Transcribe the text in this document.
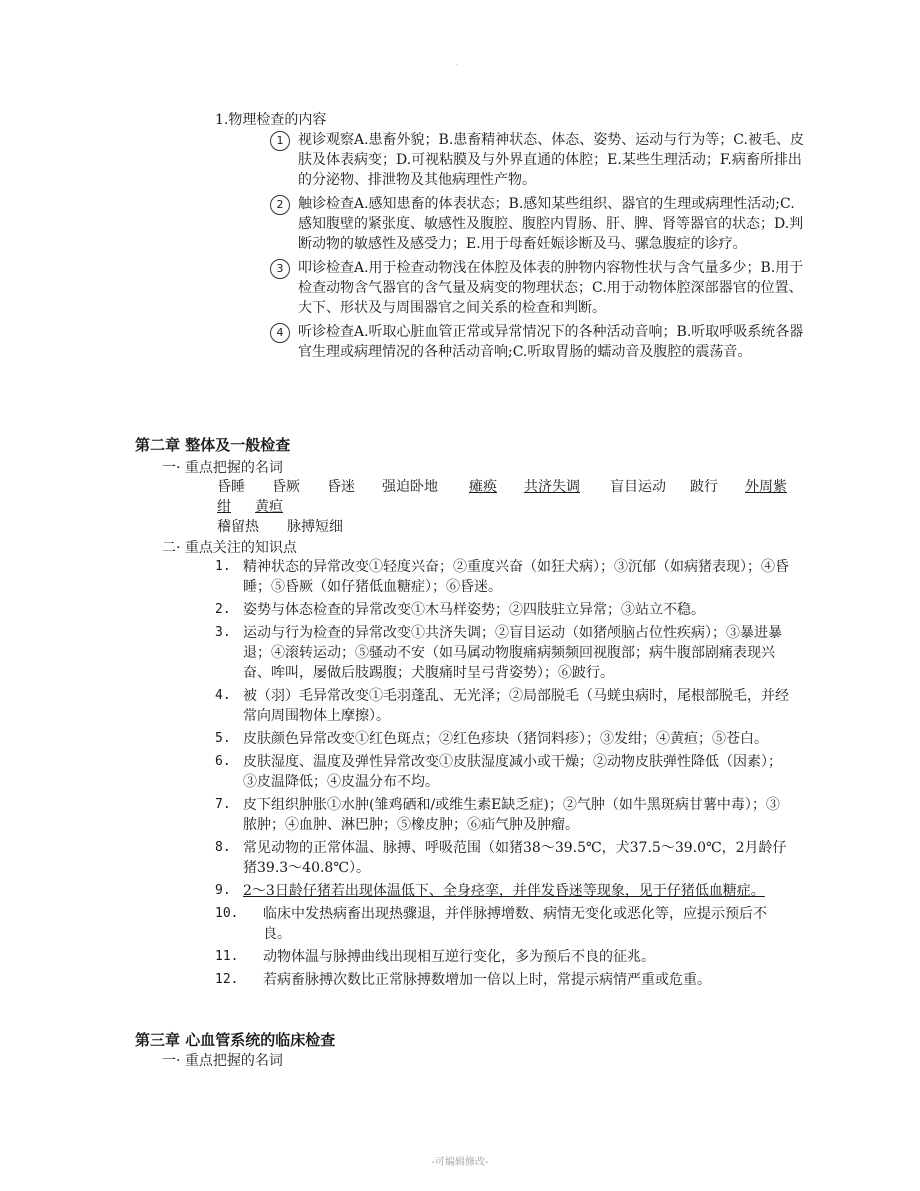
.
1.物理检查的内容
1	视诊观察A.患畜外貌；B.患畜精神状态、体态、姿势、运动与行为等；C.被毛、皮肤及体表病变；D.可视粘膜及与外界直通的体腔；E.某些生理活动；F.病畜所排出的分泌物、排泄物及其他病理性产物。
2	触诊检查A.感知患畜的体表状态；B.感知某些组织、器官的生理或病理性活动;C.感知腹壁的紧张度、敏感性及腹腔、腹腔内胃肠、肝、脾、肾等器官的状态；D.判断动物的敏感性及感受力；E.用于母畜妊娠诊断及马、骡急腹症的诊疗。
3	叩诊检查A.用于检查动物浅在体腔及体表的肿物内容物性状与含气量多少；B.用于检查动物含气器官的含气量及病变的物理状态；C.用于动物体腔深部器官的位置、大下、形状及与周围器官之间关系的检查和判断。
4	听诊检查A.听取心脏血管正常或异常情况下的各种活动音响；B.听取呼吸系统各器官生理或病理情况的各种活动音响;C.听取胃肠的蠕动音及腹腔的震荡音。
第二章 整体及一般检查
一· 重点把握的名词
昏睡 昏厥 昏迷 强迫卧地 瘫痪 共济失调 盲目运动 跛行 外周紫
绀 黄疸
稽留热 脉搏短细
二· 重点关注的知识点
1. 精神状态的异常改变①轻度兴奋；②重度兴奋（如狂犬病）；③沉郁（如病猪表现）；④昏睡；⑤昏厥（如仔猪低血糖症）；⑥昏迷。
2. 姿势与体态检查的异常改变①木马样姿势；②四肢驻立异常；③站立不稳。
3. 运动与行为检查的异常改变①共济失调；②盲目运动（如猪颅脑占位性疾病）；③暴进暴退；④滚转运动；⑤骚动不安（如马属动物腹痛病频频回视腹部；病牛腹部剧痛表现兴奋、哞叫，屡做后肢踢腹；犬腹痛时呈弓背姿势）；⑥跛行。
4. 被（羽）毛异常改变①毛羽蓬乱、无光泽；②局部脱毛（马蜣虫病时，尾根部脱毛，并经常向周围物体上摩擦）。
5. 皮肤颜色异常改变①红色斑点；②红色疹块（猪饲料疹）；③发绀；④黄疸；⑤苍白。
6. 皮肤湿度、温度及弹性异常改变①皮肤湿度减小或干燥；②动物皮肤弹性降低（因素）；③皮温降低；④皮温分布不均。
7. 皮下组织肿胀①水肿(雏鸡硒和/或维生素E缺乏症)；②气肿（如牛黑斑病甘薯中毒）；③脓肿；④血肿、淋巴肿；⑤橡皮肿；⑥疝气肿及肿瘤。
8. 常见动物的正常体温、脉搏、呼吸范围（如猪38～39.5℃，犬37.5～39.0℃，2月龄仔猪39.3～40.8℃）。
9. 2～3日龄仔猪若出现体温低下、全身痉挛，并伴发昏迷等现象，见于仔猪低血糖症。
10.	临床中发热病畜出现热骤退，并伴脉搏增数、病情无变化或恶化等，应提示预后不良。
11.	动物体温与脉搏曲线出现相互逆行变化，多为预后不良的征兆。
12.	若病畜脉搏次数比正常脉搏数增加一倍以上时，常提示病情严重或危重。
第三章 心血管系统的临床检查
一· 重点把握的名词
-可编辑修改-
